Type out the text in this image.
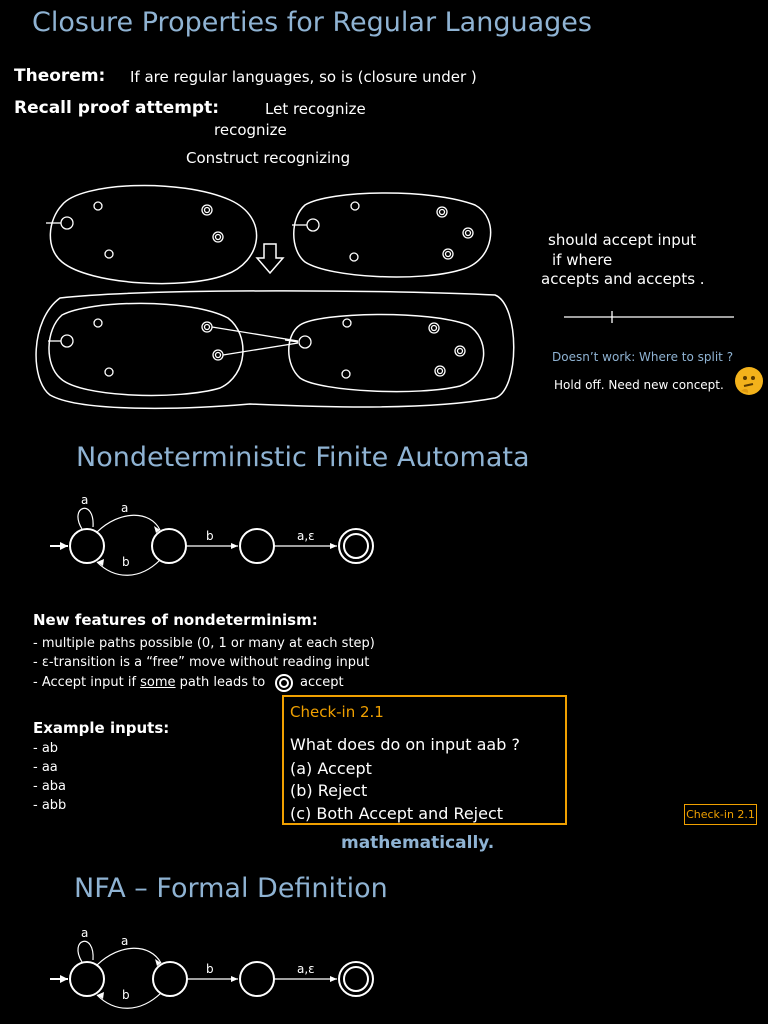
Closure Properties for Regular Languages
Theorem: If are regular languages, so is (closure under )
Recall proof attempt:	Let recognize
recognize
Construct recognizing
should accept input
if where
accepts and accepts .
Doesn’t work: Where to split ?
Hold off. Need new concept.
Nondeterministic Finite Automata
a
a
b
b	a,ε
New features of nondeterminism:
- multiple paths possible (0, 1 or many at each step)
- ε-transition is a “free” move without reading input
- Accept input if some path leads to	accept
Example inputs:
- ab
- aa
- aba
- abb
Check-in 2.1
What does do on input aab ?
(a) Accept
(b) Reject
(c) Both Accept and Reject	Check-in 2.1
mathematically.
NFA – Formal Definition
a
a
b
b	a,ε
